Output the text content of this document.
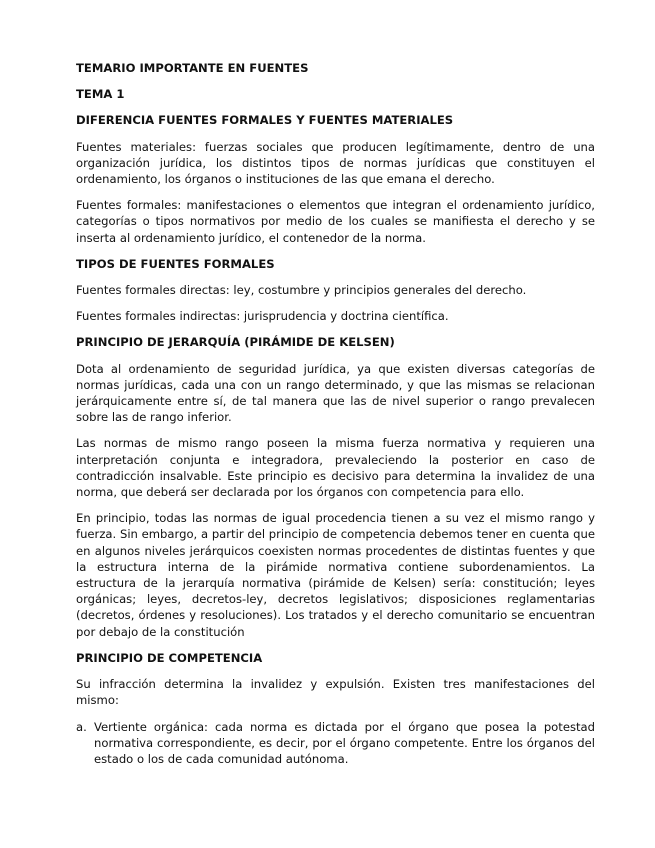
TEMARIO IMPORTANTE EN FUENTES

TEMA 1

DIFERENCIA FUENTES FORMALES Y FUENTES MATERIALES

Fuentes materiales: fuerzas sociales que producen legítimamente, dentro de una organización jurídica, los distintos tipos de normas jurídicas que constituyen el ordenamiento, los órganos o instituciones de las que emana el derecho.

Fuentes formales: manifestaciones o elementos que integran el ordenamiento jurídico, categorías o tipos normativos por medio de los cuales se manifiesta el derecho y se inserta al ordenamiento jurídico, el contenedor de la norma.

TIPOS DE FUENTES FORMALES

Fuentes formales directas: ley, costumbre y principios generales del derecho.

Fuentes formales indirectas: jurisprudencia y doctrina científica.

PRINCIPIO DE JERARQUÍA (PIRÁMIDE DE KELSEN)

Dota al ordenamiento de seguridad jurídica, ya que existen diversas categorías de normas jurídicas, cada una con un rango determinado, y que las mismas se relacionan jerárquicamente entre sí, de tal manera que las de nivel superior o rango prevalecen sobre las de rango inferior.

Las normas de mismo rango poseen la misma fuerza normativa y requieren una interpretación conjunta e integradora, prevaleciendo la posterior en caso de contradicción insalvable. Este principio es decisivo para determina la invalidez de una norma, que deberá ser declarada por los órganos con competencia para ello.

En principio, todas las normas de igual procedencia tienen a su vez el mismo rango y fuerza. Sin embargo, a partir del principio de competencia debemos tener en cuenta que en algunos niveles jerárquicos coexisten normas procedentes de distintas fuentes y que la estructura interna de la pirámide normativa contiene subordenamientos. La estructura de la jerarquía normativa (pirámide de Kelsen) sería: constitución; leyes orgánicas; leyes, decretos-ley, decretos legislativos; disposiciones reglamentarias (decretos, órdenes y resoluciones). Los tratados y el derecho comunitario se encuentran por debajo de la constitución

PRINCIPIO DE COMPETENCIA

Su infracción determina la invalidez y expulsión. Existen tres manifestaciones del mismo:

a. Vertiente orgánica: cada norma es dictada por el órgano que posea la potestad normativa correspondiente, es decir, por el órgano competente. Entre los órganos del estado o los de cada comunidad autónoma.
